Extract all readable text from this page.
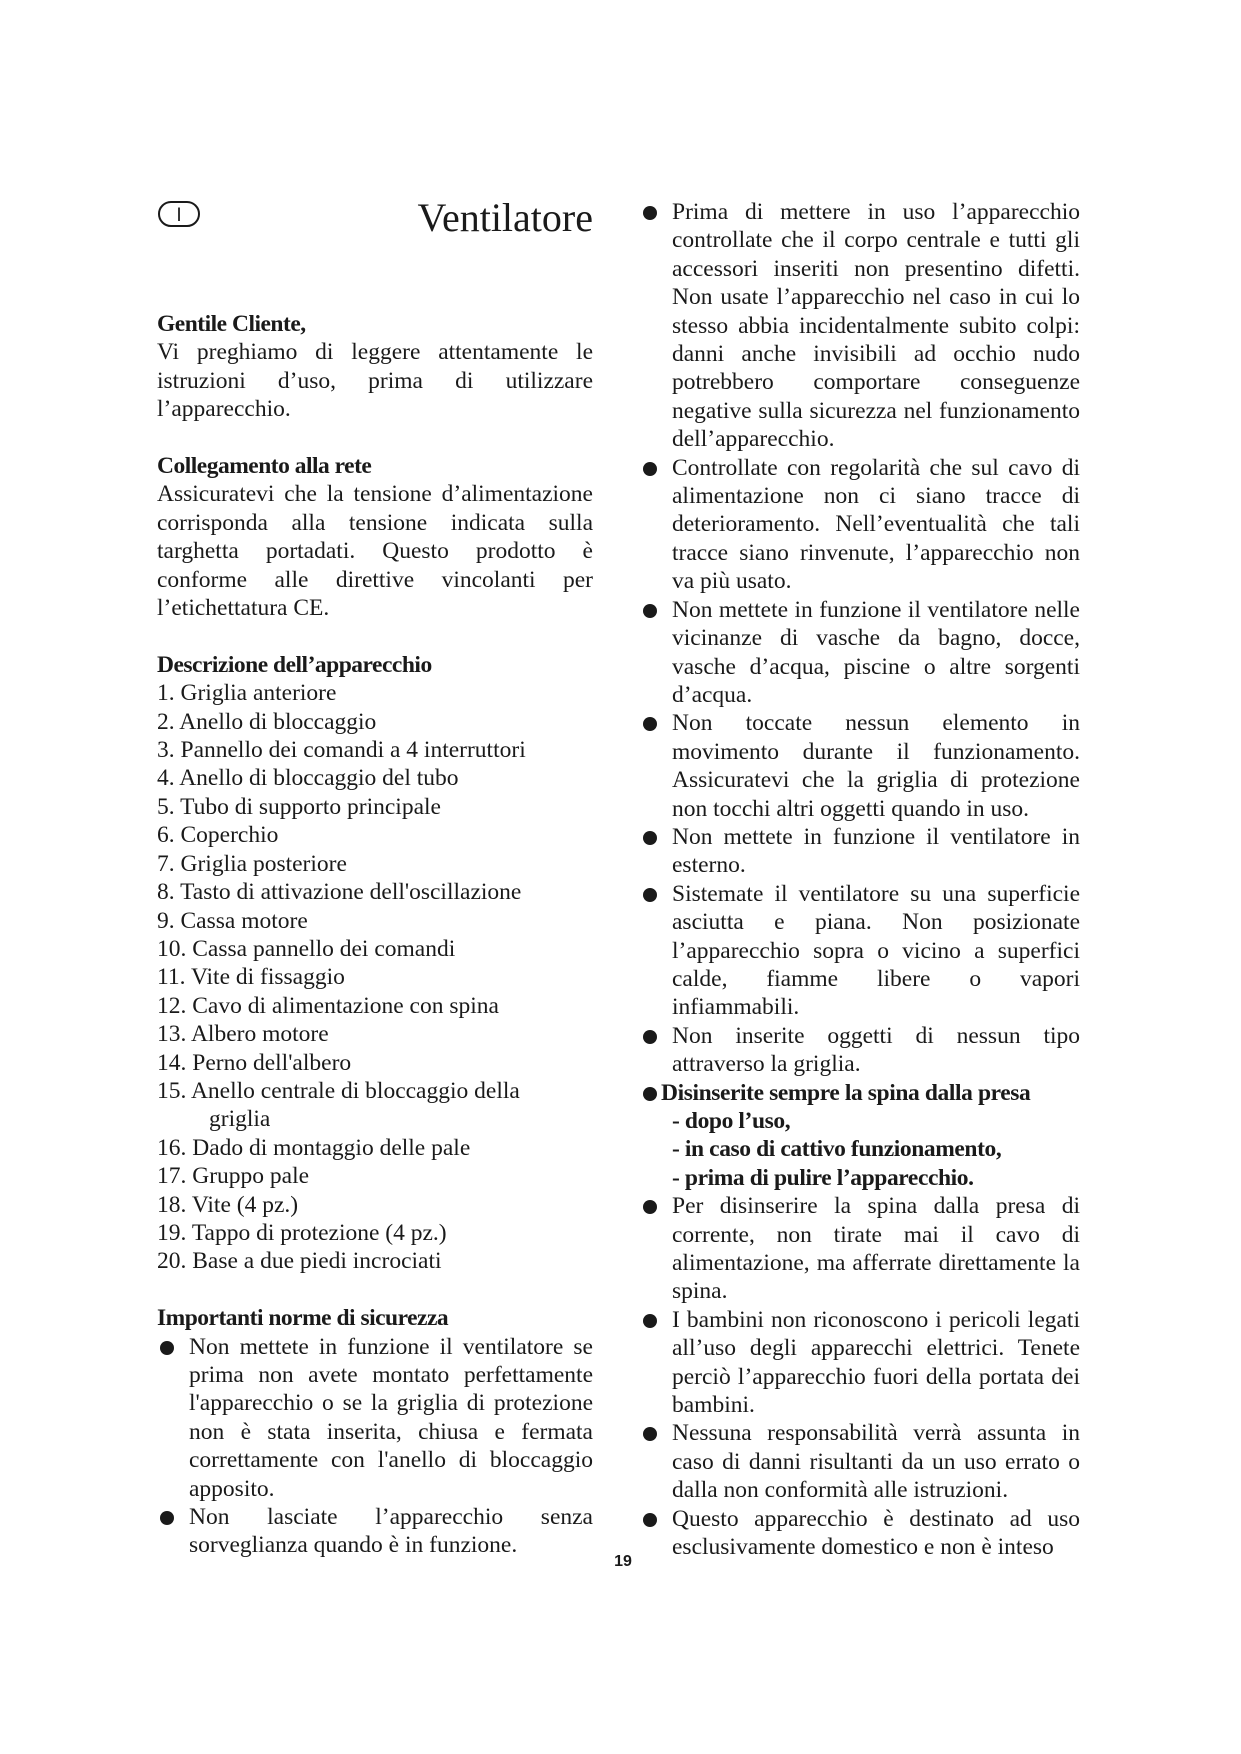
I	Ventilatore

Gentile Cliente,

Vi preghiamo di leggere attentamente le istruzioni d’uso, prima di utilizzare l’apparecchio.

Collegamento alla rete

Assicuratevi che la tensione d’alimentazione corrisponda alla tensione indicata sulla targhetta portadati. Questo prodotto è conforme alle direttive vincolanti per l’etichettatura CE.

Descrizione dell’apparecchio

1. Griglia anteriore
2. Anello di bloccaggio
3. Pannello dei comandi a 4 interruttori
4. Anello di bloccaggio del tubo
5. Tubo di supporto principale
6. Coperchio
7. Griglia posteriore
8. Tasto di attivazione dell'oscillazione
9. Cassa motore
10. Cassa pannello dei comandi
11. Vite di fissaggio
12. Cavo di alimentazione con spina
13. Albero motore
14. Perno dell'albero
15. Anello centrale di bloccaggio della
griglia
16. Dado di montaggio delle pale
17. Gruppo pale
18. Vite (4 pz.)
19. Tappo di protezione (4 pz.)
20. Base a due piedi incrociati

Importanti norme di sicurezza

Non mettete in funzione il ventilatore se prima non avete montato perfettamente l'apparecchio o se la griglia di protezione non è stata inserita, chiusa e fermata correttamente con l'anello di bloccaggio apposito.
Non lasciate l’apparecchio senza sorveglianza quando è in funzione.
Prima di mettere in uso l’apparecchio controllate che il corpo centrale e tutti gli accessori inseriti non presentino difetti. Non usate l’apparecchio nel caso in cui lo stesso abbia incidentalmente subito colpi: danni anche invisibili ad occhio nudo potrebbero comportare conseguenze negative sulla sicurezza nel funzionamento dell’apparecchio.
Controllate con regolarità che sul cavo di alimentazione non ci siano tracce di deterioramento. Nell’eventualità che tali tracce siano rinvenute, l’apparecchio non va più usato.
Non mettete in funzione il ventilatore nelle vicinanze di vasche da bagno, docce, vasche d’acqua, piscine o altre sorgenti d’acqua.
Non toccate nessun elemento in movimento durante il funzionamento. Assicuratevi che la griglia di protezione non tocchi altri oggetti quando in uso.
Non mettete in funzione il ventilatore in esterno.
Sistemate il ventilatore su una superficie asciutta e piana. Non posizionate l’apparecchio sopra o vicino a superfici calde, fiamme libere o vapori infiammabili.
Non inserite oggetti di nessun tipo attraverso la griglia.
Disinserite sempre la spina dalla presa
- dopo l’uso,
- in caso di cattivo funzionamento,
- prima di pulire l’apparecchio.
Per disinserire la spina dalla presa di corrente, non tirate mai il cavo di alimentazione, ma afferrate direttamente la spina.
I bambini non riconoscono i pericoli legati all’uso degli apparecchi elettrici. Tenete perciò l’apparecchio fuori della portata dei bambini.
Nessuna responsabilità verrà assunta in caso di danni risultanti da un uso errato o dalla non conformità alle istruzioni.
Questo apparecchio è destinato ad uso esclusivamente domestico e non è inteso
19
